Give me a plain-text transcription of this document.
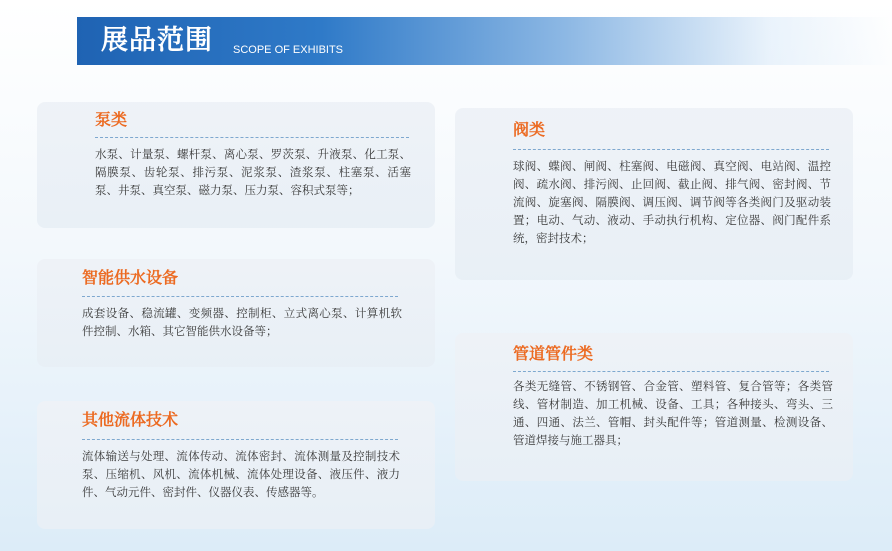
展品范围 SCOPE OF EXHIBITS
泵类
水泵、计量泵、螺杆泵、离心泵、罗茨泵、升液泵、化工泵、隔膜泵、齿轮泵、排污泵、泥浆泵、渣浆泵、柱塞泵、活塞泵、井泵、真空泵、磁力泵、压力泵、容积式泵等；
智能供水设备
成套设备、稳流罐、变频器、控制柜、立式离心泵、计算机软件控制、水箱、其它智能供水设备等；
其他流体技术
流体输送与处理、流体传动、流体密封、流体测量及控制技术泵、压缩机、风机、流体机械、流体处理设备、液压件、液力件、气动元件、密封件、仪器仪表、传感器等。
阀类
球阀、蝶阀、闸阀、柱塞阀、电磁阀、真空阀、电站阀、温控阀、疏水阀、排污阀、止回阀、截止阀、排气阀、密封阀、节流阀、旋塞阀、隔膜阀、调压阀、调节阀等各类阀门及驱动装置；电动、气动、液动、手动执行机构、定位器、阀门配件系统，密封技术；
管道管件类
各类无缝管、不锈钢管、合金管、塑料管、复合管等；各类管线、管材制造、加工机械、设备、工具；各种接头、弯头、三通、四通、法兰、管帽、封头配件等；管道测量、检测设备、管道焊接与施工器具；
